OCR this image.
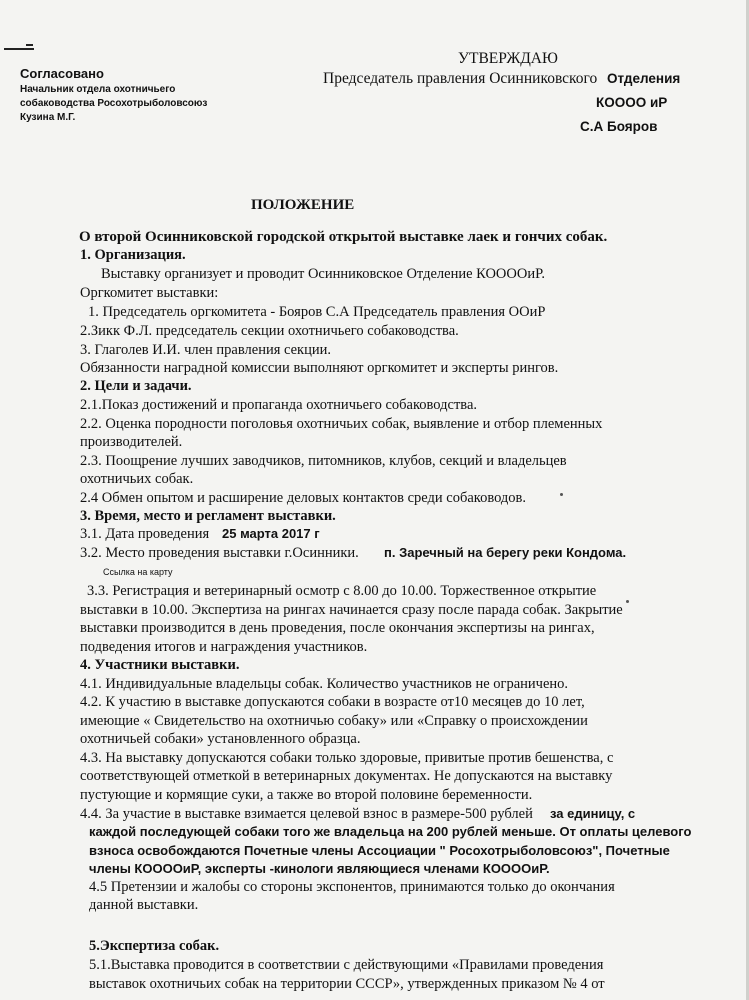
Согласовано
Начальник отдела охотничьего
собаководства Росохотрыболовсоюз
Кузина М.Г.
УТВЕРЖДАЮ
Председатель правления Осинниковского Отделения
КОООО иР
С.А Бояров
ПОЛОЖЕНИЕ
О второй Осинниковской городской открытой выставке лаек и гончих собак.
1. Организация.
Выставку организует и проводит Осинниковское Отделение КООООиР.
Оргкомитет выставки:
1. Председатель оргкомитета - Бояров С.А Председатель правления ООиР
2.Зикк Ф.Л. председатель секции охотничьего собаководства.
3. Глаголев И.И. член правления секции.
Обязанности наградной комиссии выполняют оргкомитет и эксперты рингов.
2. Цели и задачи.
2.1.Показ достижений и пропаганда охотничьего собаководства.
2.2. Оценка породности поголовья охотничьих собак, выявление и отбор племенных
производителей.
2.3. Поощрение лучших заводчиков, питомников, клубов, секций и владельцев
охотничьих собак.
2.4 Обмен опытом и расширение деловых контактов среди собаководов.
3. Время, место и регламент выставки.
3.1. Дата проведения 25 марта 2017 г
3.2. Место проведения выставки г.Осинники. п. Заречный на берегу реки Кондома.
Ссылка на карту
3.3. Регистрация и ветеринарный осмотр с 8.00 до 10.00. Торжественное открытие
выставки в 10.00. Экспертиза на рингах начинается сразу после парада собак. Закрытие
выставки производится в день проведения, после окончания экспертизы на рингах,
подведения итогов и награждения участников.
4. Участники выставки.
4.1. Индивидуальные владельцы собак. Количество участников не ограничено.
4.2. К участию в выставке допускаются собаки в возрасте от10 месяцев до 10 лет,
имеющие « Свидетельство на охотничью собаку» или «Справку о происхождении
охотничьей собаки» установленного образца.
4.3. На выставку допускаются собаки только здоровые, привитые против бешенства, с
соответствующей отметкой в ветеринарных документах. Не допускаются на выставку
пустующие и кормящие суки, а также во второй половине беременности.
4.4. За участие в выставке взимается целевой взнос в размере-500 рублей за единицу, с
каждой последующей собаки того же владельца на 200 рублей меньше. От оплаты целевого
взноса освобождаются Почетные члены Ассоциации " Росохотрыболовсоюз", Почетные
члены КООООиР, эксперты -кинологи являющиеся членами КООООиР.
4.5 Претензии и жалобы со стороны экспонентов, принимаются только до окончания
данной выставки.
5.Экспертиза собак.
5.1.Выставка проводится в соответствии с действующими «Правилами проведения
выставок охотничьих собак на территории СССР», утвержденных приказом № 4 от
